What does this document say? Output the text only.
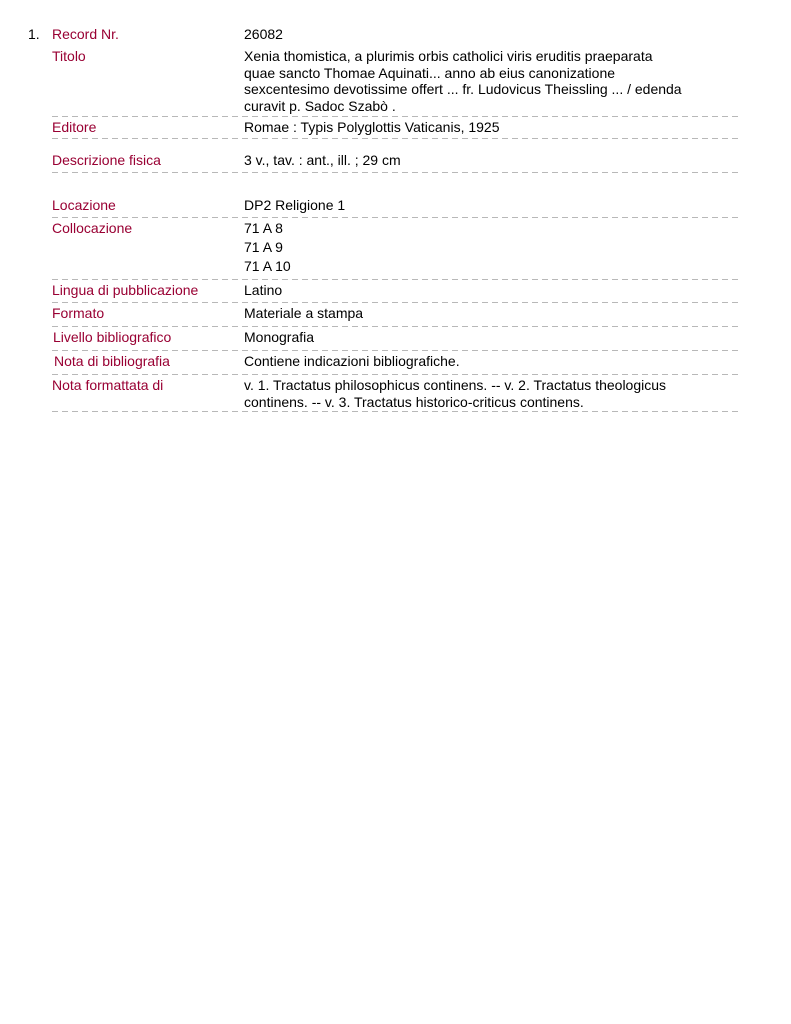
1. Record Nr.	26082
Titolo	Xenia thomistica, a plurimis orbis catholici viris eruditis praeparata
quae sancto Thomae Aquinati... anno ab eius canonizatione
sexcentesimo devotissime offert ... fr. Ludovicus Theissling ... / edenda
curavit p. Sadoc Szabò .
Editore	Romae : Typis Polyglottis Vaticanis, 1925
Descrizione fisica	3 v., tav. : ant., ill. ; 29 cm
Locazione	DP2 Religione 1
Collocazione	71 A 8
71 A 9
71 A 10
Lingua di pubblicazione	Latino
Formato	Materiale a stampa
Livello bibliografico	Monografia
Nota di bibliografia	Contiene indicazioni bibliografiche.
Nota formattata di	v. 1. Tractatus philosophicus continens. -- v. 2. Tractatus theologicus
continens. -- v. 3. Tractatus historico-criticus continens.
